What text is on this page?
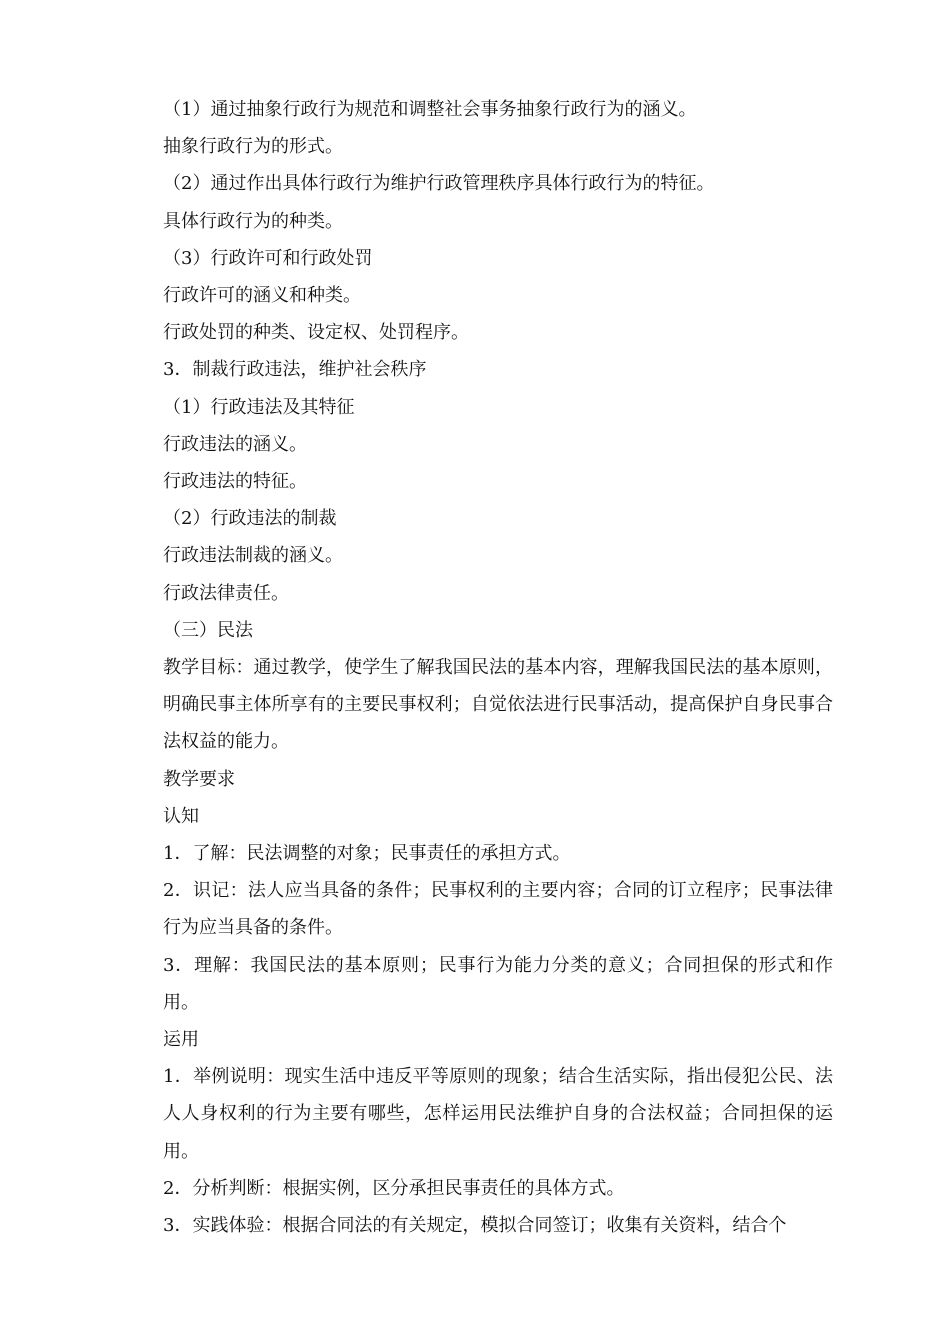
（1）通过抽象行政行为规范和调整社会事务抽象行政行为的涵义。

抽象行政行为的形式。

（2）通过作出具体行政行为维护行政管理秩序具体行政行为的特征。

具体行政行为的种类。

（3）行政许可和行政处罚

行政许可的涵义和种类。

行政处罚的种类、设定权、处罚程序。

3．制裁行政违法，维护社会秩序

（1）行政违法及其特征

行政违法的涵义。

行政违法的特征。

（2）行政违法的制裁

行政违法制裁的涵义。

行政法律责任。

（三）民法

教学目标：通过教学，使学生了解我国民法的基本内容，理解我国民法的基本原则，明确民事主体所享有的主要民事权利；自觉依法进行民事活动，提高保护自身民事合法权益的能力。

教学要求

认知

1．了解：民法调整的对象；民事责任的承担方式。

2．识记：法人应当具备的条件；民事权利的主要内容；合同的订立程序；民事法律行为应当具备的条件。

3．理解：我国民法的基本原则；民事行为能力分类的意义；合同担保的形式和作用。

运用

1．举例说明：现实生活中违反平等原则的现象；结合生活实际，指出侵犯公民、法人人身权利的行为主要有哪些，怎样运用民法维护自身的合法权益；合同担保的运用。

2．分析判断：根据实例，区分承担民事责任的具体方式。

3．实践体验：根据合同法的有关规定，模拟合同签订；收集有关资料，结合个
